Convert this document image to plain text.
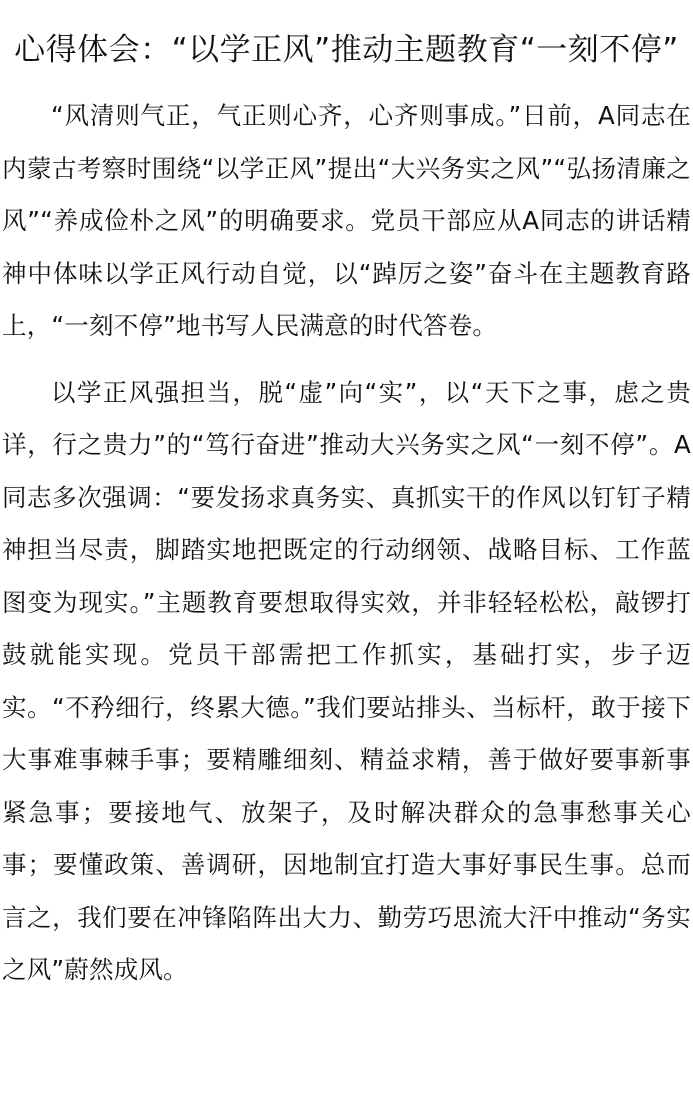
心得体会：“以学正风”推动主题教育“一刻不停”

“风清则气正，气正则心齐，心齐则事成。”日前，A同志在内蒙古考察时围绕“以学正风”提出“大兴务实之风”“弘扬清廉之风”“养成俭朴之风”的明确要求。党员干部应从A同志的讲话精神中体味以学正风行动自觉，以“踔厉之姿”奋斗在主题教育路上，“一刻不停”地书写人民满意的时代答卷。

以学正风强担当，脱“虚”向“实”，以“天下之事，虑之贵详，行之贵力”的“笃行奋进”推动大兴务实之风“一刻不停”。A同志多次强调：“要发扬求真务实、真抓实干的作风以钉钉子精神担当尽责，脚踏实地把既定的行动纲领、战略目标、工作蓝图变为现实。”主题教育要想取得实效，并非轻轻松松，敲锣打鼓就能实现。党员干部需把工作抓实，基础打实，步子迈实。“不矜细行，终累大德。”我们要站排头、当标杆，敢于接下大事难事棘手事；要精雕细刻、精益求精，善于做好要事新事紧急事；要接地气、放架子，及时解决群众的急事愁事关心事；要懂政策、善调研，因地制宜打造大事好事民生事。总而言之，我们要在冲锋陷阵出大力、勤劳巧思流大汗中推动“务实之风”蔚然成风。
